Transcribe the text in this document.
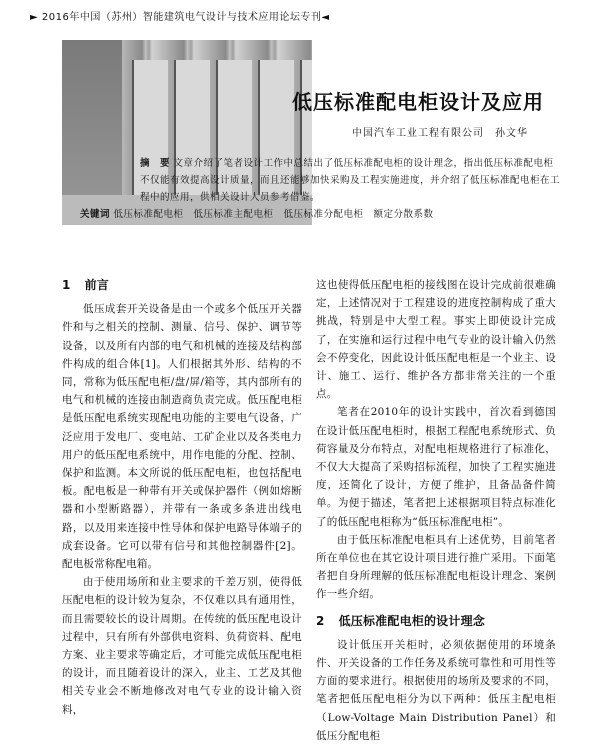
► 2016年中国（苏州）智能建筑电气设计与技术应用论坛专刊◄
低压标准配电柜设计及应用
中国汽车工业工程有限公司　孙文华
摘　要 文章介绍了笔者设计工作中总结出了低压标准配电柜的设计理念，指出低压标准配电柜不仅能有效提高设计质量，而且还能够加快采购及工程实施进度，并介绍了低压标准配电柜在工程中的应用，供相关设计人员参考借鉴。
关键词 低压标准配电柜　低压标准主配电柜　低压标准分配电柜　额定分散系数
1 前言

低压成套开关设备是由一个或多个低压开关器件和与之相关的控制、测量、信号、保护、调节等设备，以及所有内部的电气和机械的连接及结构部件构成的组合体[1]。人们根据其外形、结构的不同，常称为低压配电柜/盘/屏/箱等，其内部所有的电气和机械的连接由制造商负责完成。低压配电柜是低压配电系统实现配电功能的主要电气设备，广泛应用于发电厂、变电站、工矿企业以及各类电力用户的低压配电系统中，用作电能的分配、控制、保护和监测。本文所说的低压配电柜，也包括配电板。配电板是一种带有开关或保护器件（例如熔断器和小型断路器），并带有一条或多条进出线电路，以及用来连接中性导体和保护电路导体端子的成套设备。它可以带有信号和其他控制器件[2]。配电板常称配电箱。

由于使用场所和业主要求的千差万别，使得低压配电柜的设计较为复杂，不仅难以具有通用性，而且需要较长的设计周期。在传统的低压配电设计过程中，只有所有外部供电资料、负荷资料、配电方案、业主要求等确定后，才可能完成低压配电柜的设计，而且随着设计的深入，业主、工艺及其他相关专业会不断地修改对电气专业的设计输入资料，

这也使得低压配电柜的接线图在设计完成前很难确定，上述情况对于工程建设的进度控制构成了重大挑战，特别是中大型工程。事实上即使设计完成了，在实施和运行过程中电气专业的设计输入仍然会不停变化，因此设计低压配电柜是一个业主、设计、施工、运行、维护各方都非常关注的一个重点。

笔者在2010年的设计实践中，首次看到德国在设计低压配电柜时，根据工程配电系统形式、负荷容量及分布特点，对配电柜规格进行了标准化，不仅大大提高了采购招标流程，加快了工程实施进度，还简化了设计，方便了维护，且备品备件简单。为便于描述，笔者把上述根据项目特点标准化了的低压配电柜称为“低压标准配电柜”。

由于低压标准配电柜具有上述优势，目前笔者所在单位也在其它设计项目进行推广采用。下面笔者把自身所理解的低压标准配电柜设计理念、案例作一些介绍。

2 低压标准配电柜的设计理念

设计低压开关柜时，必须依据使用的环境条件、开关设备的工作任务及系统可靠性和可用性等方面的要求进行。根据使用的场所及要求的不同，笔者把低压配电柜分为以下两种：低压主配电柜（Low-Voltage Main Distribution Panel）和低压分配电柜
